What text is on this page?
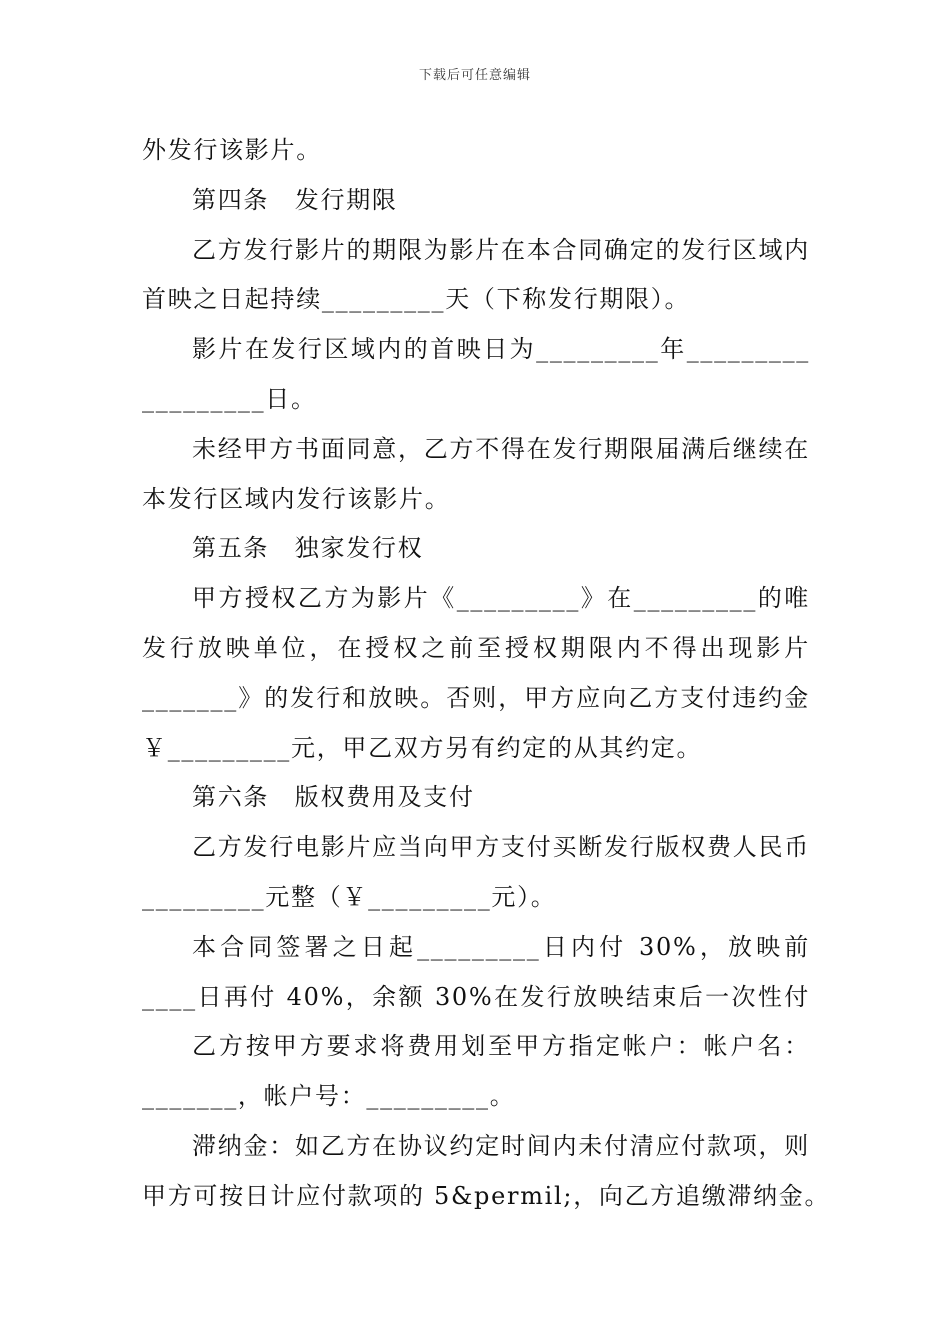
下载后可任意编辑
外发行该影片。
第四条　发行期限
乙方发行影片的期限为影片在本合同确定的发行区域内
首映之日起持续_________天（下称发行期限）。
影片在发行区域内的首映日为_________年_________
_________日。
未经甲方书面同意，乙方不得在发行期限届满后继续在
本发行区域内发行该影片。
第五条　独家发行权
甲方授权乙方为影片《_________》在_________的唯
发行放映单位，在授权之前至授权期限内不得出现影片
_______》的发行和放映。否则，甲方应向乙方支付违约金
￥_________元，甲乙双方另有约定的从其约定。
第六条　版权费用及支付
乙方发行电影片应当向甲方支付买断发行版权费人民币
_________元整（￥_________元）。
本合同签署之日起_________日内付 30%，放映前
____日再付 40%，余额 30%在发行放映结束后一次性付
乙方按甲方要求将费用划至甲方指定帐户：帐户名：
_______，帐户号：_________。
滞纳金：如乙方在协议约定时间内未付清应付款项，则
甲方可按日计应付款项的 5&permil;，向乙方追缴滞纳金。
